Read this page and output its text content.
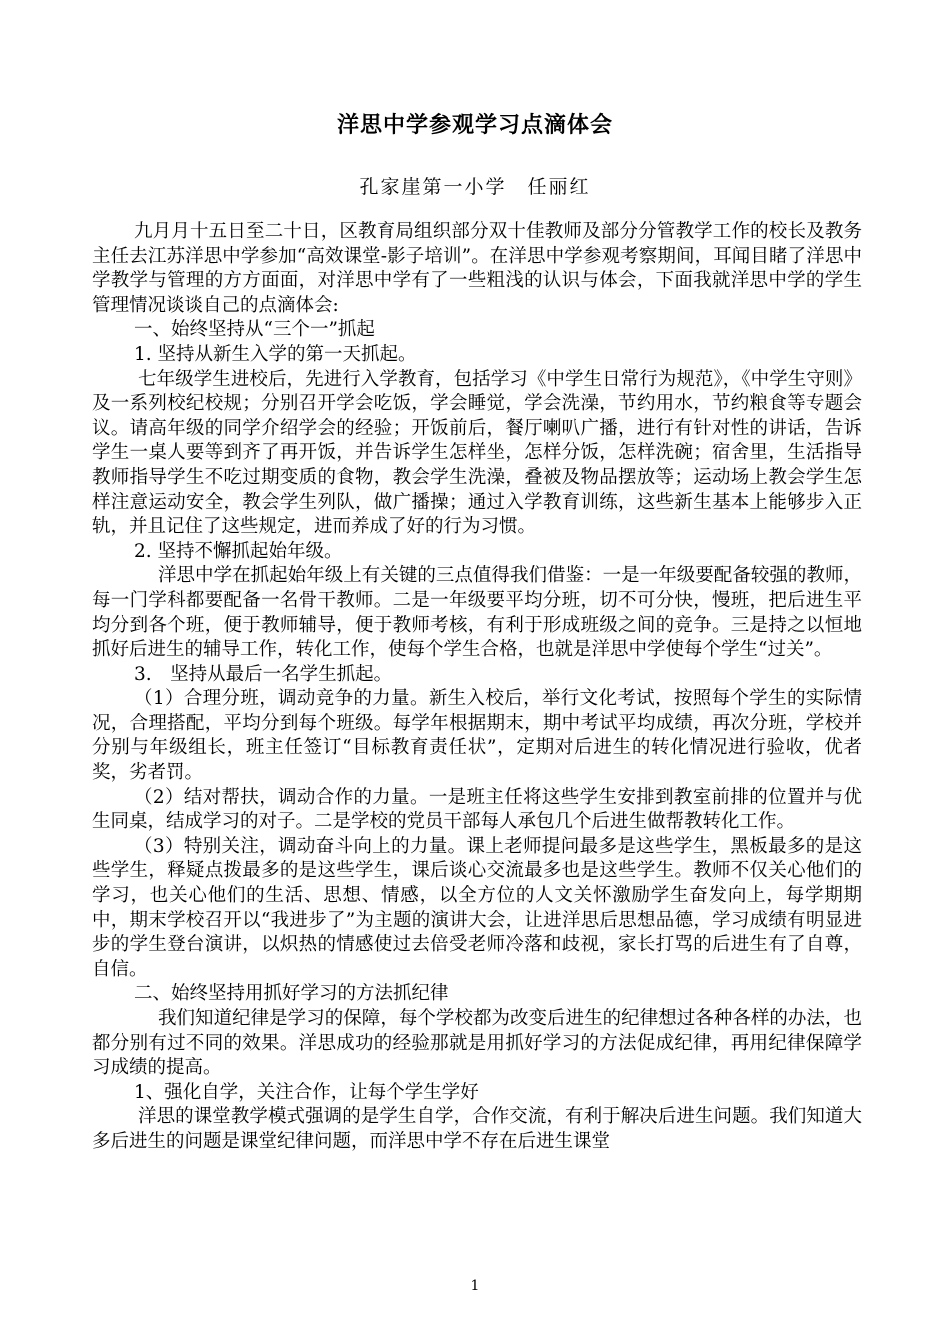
洋思中学参观学习点滴体会
孔家崖第一小学　任丽红

九月月十五日至二十日，区教育局组织部分双十佳教师及部分分管教学工作的校长及教务主任去江苏洋思中学参加“高效课堂-影子培训”。在洋思中学参观考察期间，耳闻目睹了洋思中学教学与管理的方方面面，对洋思中学有了一些粗浅的认识与体会，下面我就洋思中学的学生管理情况谈谈自己的点滴体会:

一、始终坚持从“三个一”抓起

1. 坚持从新生入学的第一天抓起。

七年级学生进校后，先进行入学教育，包括学习《中学生日常行为规范》，《中学生守则》及一系列校纪校规；分别召开学会吃饭，学会睡觉，学会洗澡，节约用水，节约粮食等专题会议。请高年级的同学介绍学会的经验；开饭前后，餐厅喇叭广播，进行有针对性的讲话，告诉学生一桌人要等到齐了再开饭，并告诉学生怎样坐，怎样分饭，怎样洗碗；宿舍里，生活指导教师指导学生不吃过期变质的食物，教会学生洗澡，叠被及物品摆放等；运动场上教会学生怎样注意运动安全，教会学生列队，做广播操；通过入学教育训练，这些新生基本上能够步入正轨，并且记住了这些规定，进而养成了好的行为习惯。

2. 坚持不懈抓起始年级。

洋思中学在抓起始年级上有关键的三点值得我们借鉴：一是一年级要配备较强的教师，每一门学科都要配备一名骨干教师。二是一年级要平均分班，切不可分快，慢班，把后进生平均分到各个班，便于教师辅导，便于教师考核，有利于形成班级之间的竞争。三是持之以恒地抓好后进生的辅导工作，转化工作，使每个学生合格，也就是洋思中学使每个学生“过关”。

3.　坚持从最后一名学生抓起。

（1）合理分班，调动竞争的力量。新生入校后，举行文化考试，按照每个学生的实际情况，合理搭配，平均分到每个班级。每学年根据期末，期中考试平均成绩，再次分班，学校并分别与年级组长，班主任签订“目标教育责任状”，定期对后进生的转化情况进行验收，优者奖，劣者罚。

（2）结对帮扶，调动合作的力量。一是班主任将这些学生安排到教室前排的位置并与优生同桌，结成学习的对子。二是学校的党员干部每人承包几个后进生做帮教转化工作。

（3）特别关注，调动奋斗向上的力量。课上老师提问最多是这些学生，黑板最多的是这些学生，释疑点拨最多的是这些学生，课后谈心交流最多也是这些学生。教师不仅关心他们的学习，也关心他们的生活、思想、情感，以全方位的人文关怀激励学生奋发向上，每学期期中，期末学校召开以“我进步了”为主题的演讲大会，让进洋思后思想品德，学习成绩有明显进步的学生登台演讲，以炽热的情感使过去倍受老师冷落和歧视，家长打骂的后进生有了自尊，自信。

二、始终坚持用抓好学习的方法抓纪律

我们知道纪律是学习的保障，每个学校都为改变后进生的纪律想过各种各样的办法，也都分别有过不同的效果。洋思成功的经验那就是用抓好学习的方法促成纪律，再用纪律保障学习成绩的提高。

1、强化自学，关注合作，让每个学生学好

洋思的课堂教学模式强调的是学生自学，合作交流，有利于解决后进生问题。我们知道大多后进生的问题是课堂纪律问题，而洋思中学不存在后进生课堂

1
